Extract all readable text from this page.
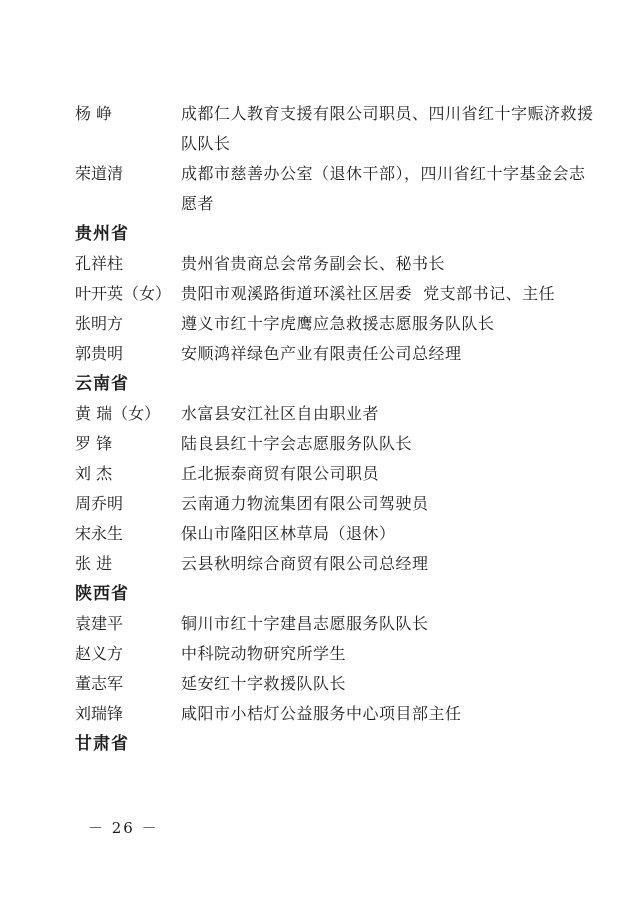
杨 峥	成都仁人教育支援有限公司职员、四川省红十字赈济救援队队长
荣道清	成都市慈善办公室（退休干部），四川省红十字基金会志愿者
贵州省
孔祥柱	贵州省贵商总会常务副会长、秘书长
叶开英（女） 贵阳市观溪路街道环溪社区居委  党支部书记、主任
张明方	遵义市红十字虎鹰应急救援志愿服务队队长
郭贵明	安顺鸿祥绿色产业有限责任公司总经理
云南省
黄 瑞（女）	水富县安江社区自由职业者
罗 锋	陆良县红十字会志愿服务队队长
刘 杰	丘北振泰商贸有限公司职员
周乔明	云南通力物流集团有限公司驾驶员
宋永生	保山市隆阳区林草局（退休）
张 进	云县秋明综合商贸有限公司总经理
陕西省
袁建平	铜川市红十字建昌志愿服务队队长
赵义方	中科院动物研究所学生
董志军	延安红十字救援队队长
刘瑞锋	咸阳市小桔灯公益服务中心项目部主任
甘肃省
－ 26 －
